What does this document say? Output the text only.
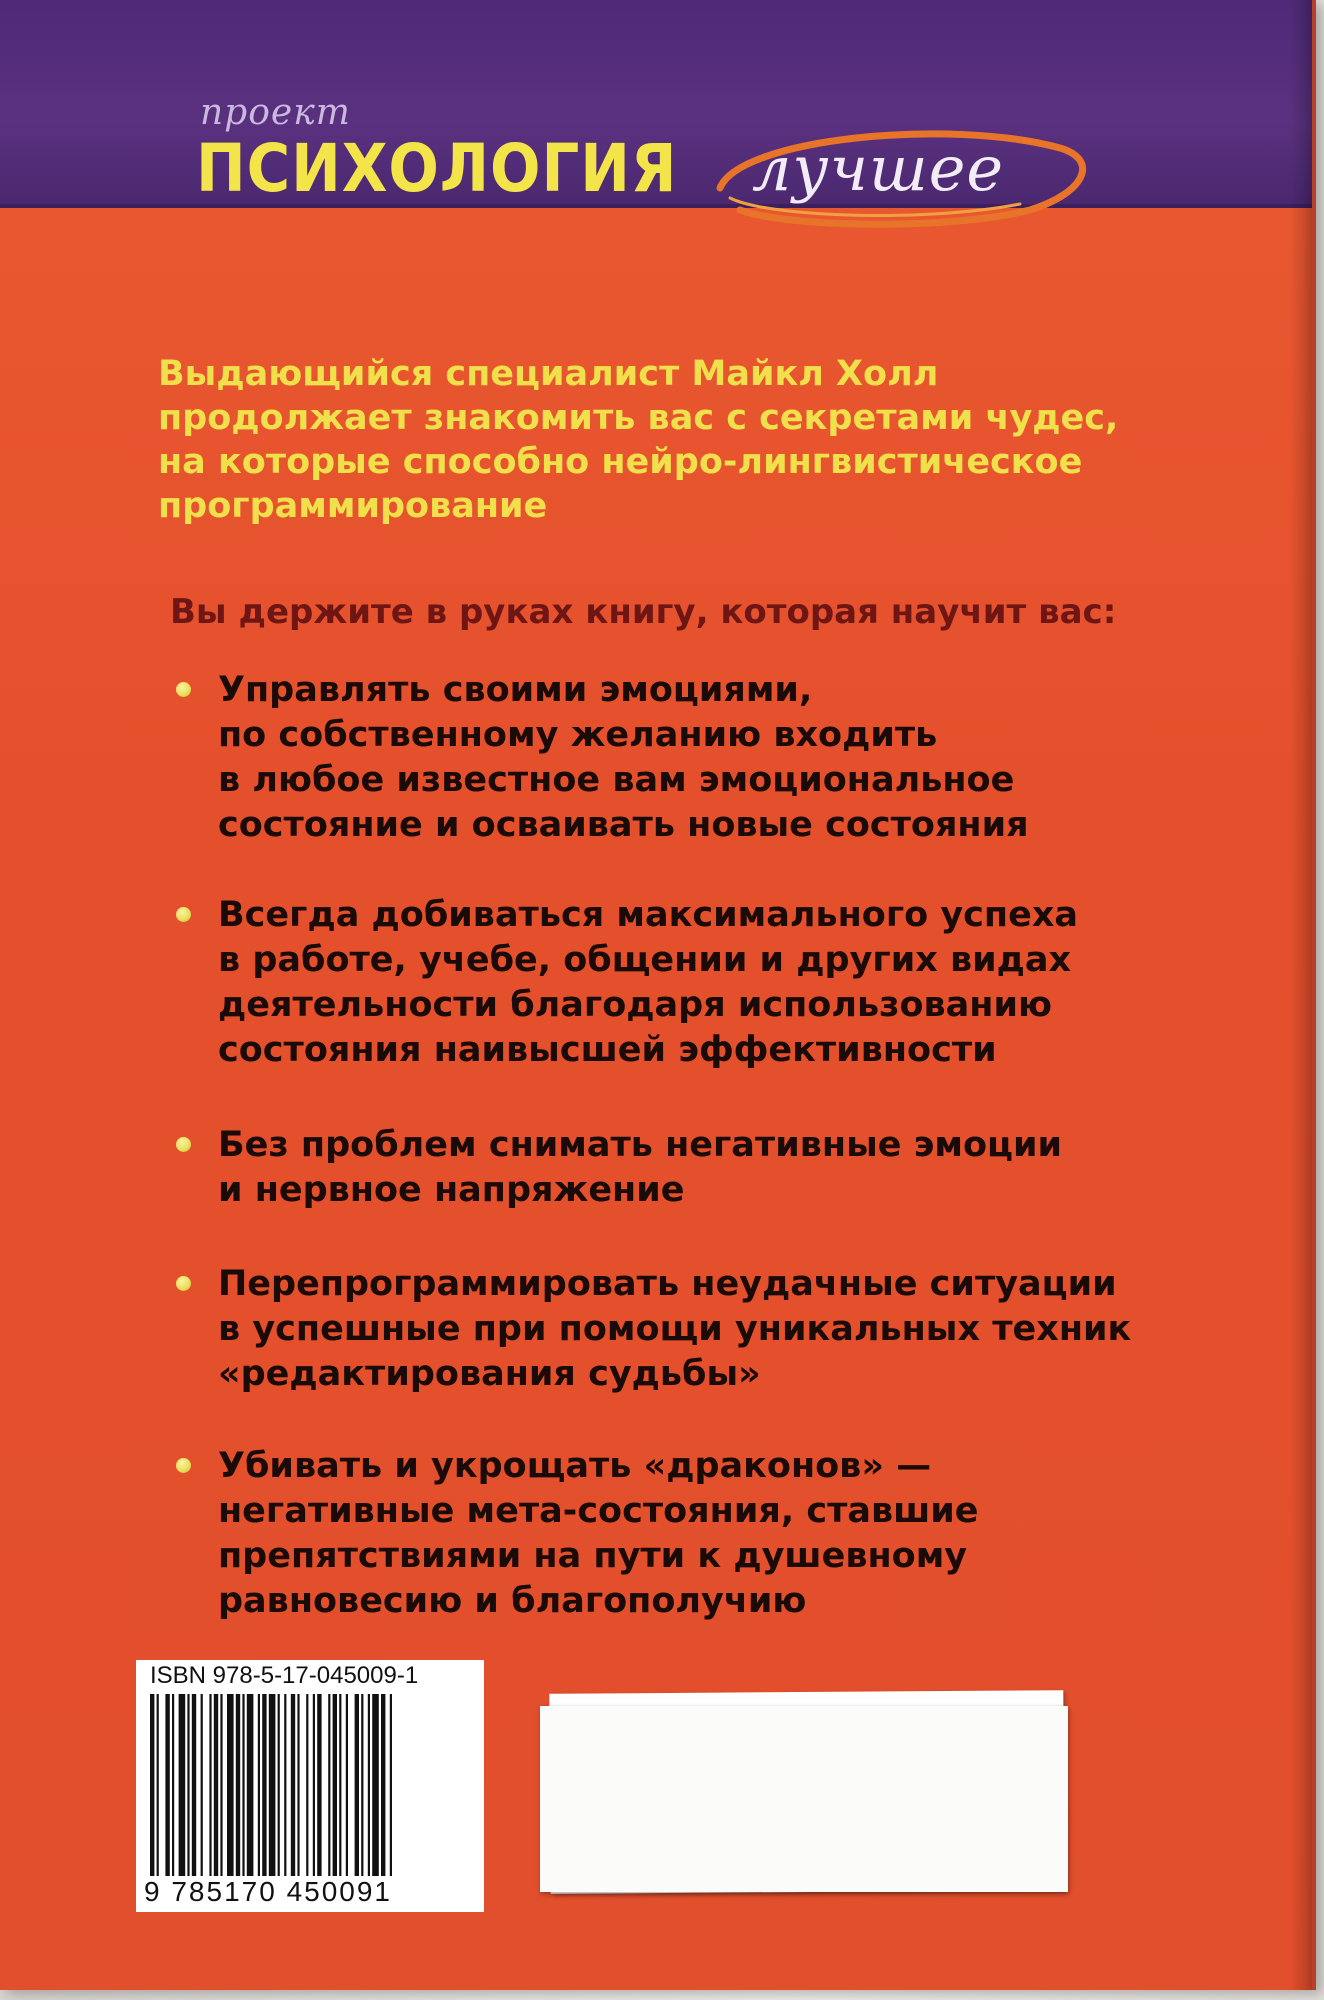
проект
ПСИХОЛОГИЯ лучшее
Выдающийся специалист Майкл Холл
продолжает знакомить вас с секретами чудес,
на которые способно нейро-лингвистическое
программирование
Вы держите в руках книгу, которая научит вас:
Управлять своими эмоциями,
по собственному желанию входить
в любое известное вам эмоциональное
состояние и осваивать новые состояния
Всегда добиваться максимального успеха
в работе, учебе, общении и других видах
деятельности благодаря использованию
состояния наивысшей эффективности
Без проблем снимать негативные эмоции
и нервное напряжение
Перепрограммировать неудачные ситуации
в успешные при помощи уникальных техник
«редактирования судьбы»
Убивать и укрощать «драконов» —
негативные мета-состояния, ставшие
препятствиями на пути к душевному
равновесию и благополучию
ISBN 978-5-17-045009-1
9 785170 450091
